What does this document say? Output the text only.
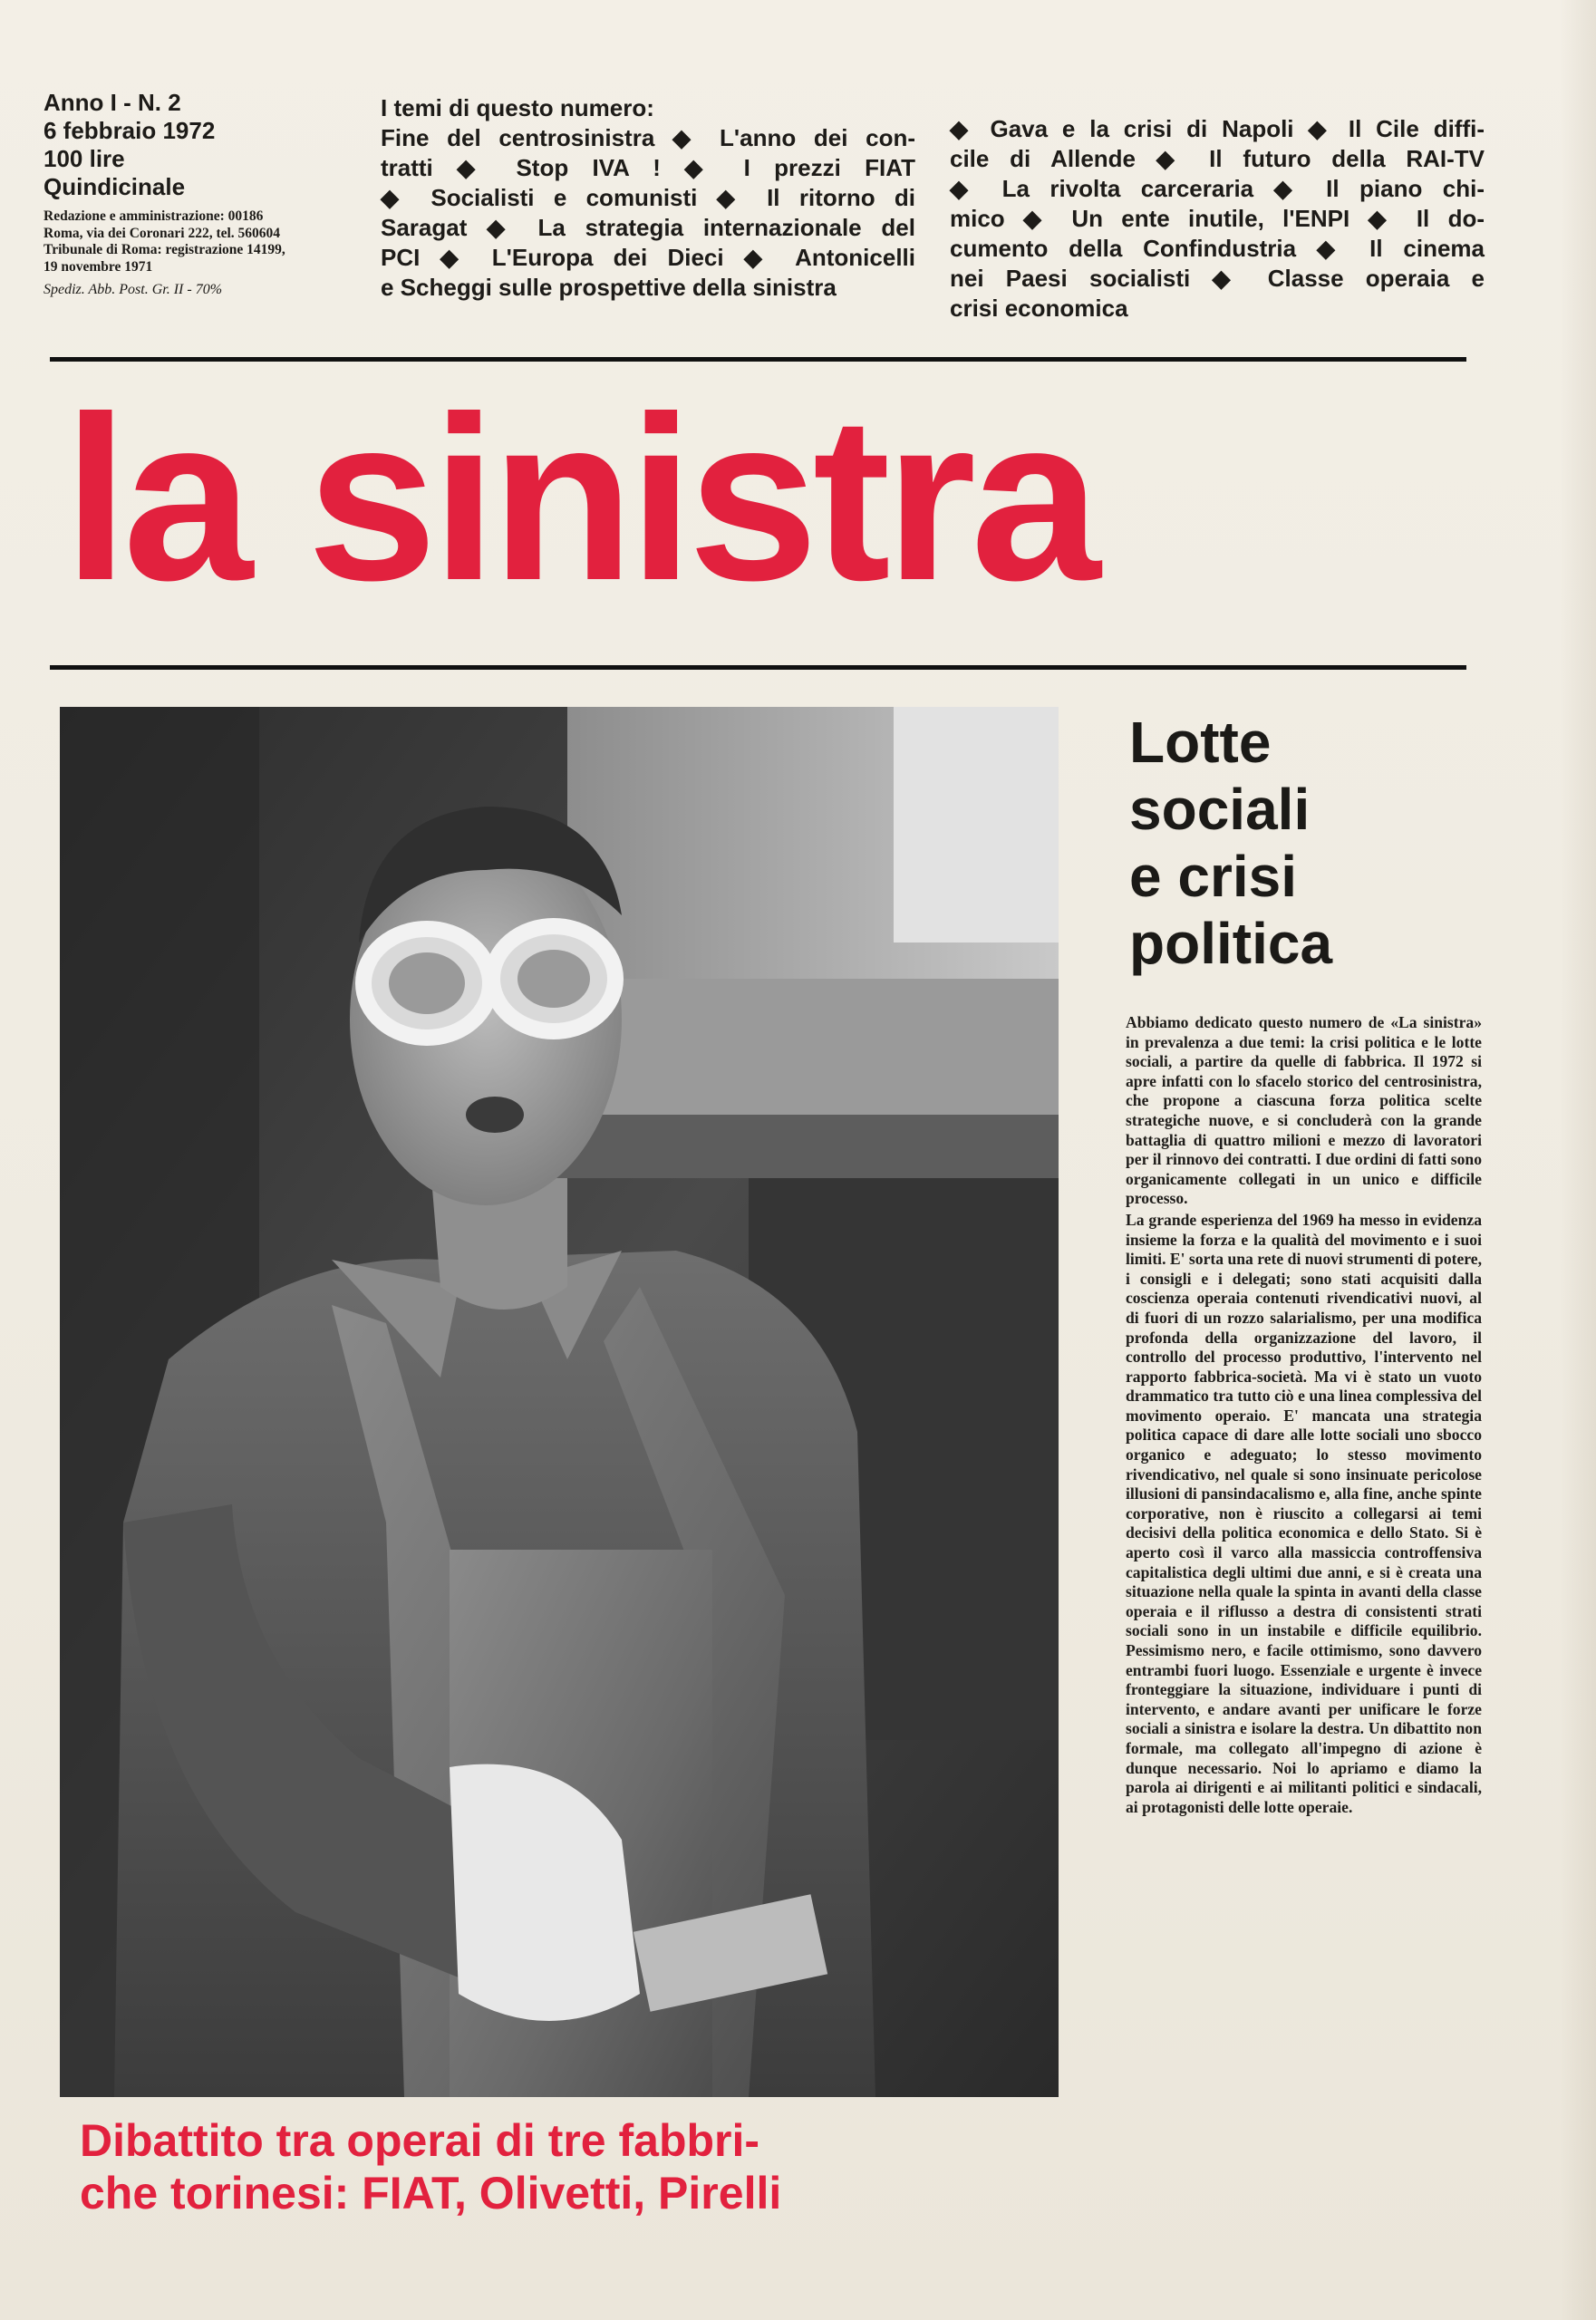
Anno I - N. 2

6 febbraio 1972

100 lire

Quindicinale

Redazione e amministrazione: 00186

Roma, via dei Coronari 222, tel. 560604

Tribunale di Roma: registrazione 14199,

19 novembre 1971

Spediz. Abb. Post. Gr. II - 70%

I temi di questo numero:
Fine del centrosinistra ◆ L'anno dei con-
tratti ◆ Stop IVA ! ◆ I prezzi FIAT
◆ Socialisti e comunisti ◆ Il ritorno di
Saragat ◆ La strategia internazionale del
PCI ◆ L'Europa dei Dieci ◆ Antonicelli
e Scheggi sulle prospettive della sinistra
◆ Gava e la crisi di Napoli ◆ Il Cile diffi-
cile di Allende ◆ Il futuro della RAI-TV
◆ La rivolta carceraria ◆ Il piano chi-
mico ◆ Un ente inutile, l'ENPI ◆ Il do-
cumento della Confindustria ◆ Il cinema
nei Paesi socialisti ◆ Classe operaia e
crisi economica
la sinistra
Lotte
sociali
e crisi
politica

Abbiamo dedicato questo numero de «La sinistra» in prevalenza a due temi: la crisi politica e le lotte sociali, a partire da quelle di fabbrica. Il 1972 si apre infatti con lo sfacelo storico del centrosinistra, che propone a ciascuna forza politica scelte strategiche nuove, e si concluderà con la grande battaglia di quattro milioni e mezzo di lavoratori per il rinnovo dei contratti. I due ordini di fatti sono organicamente collegati in un unico e difficile processo.

La grande esperienza del 1969 ha messo in evidenza insieme la forza e la qualità del movimento e i suoi limiti. E' sorta una rete di nuovi strumenti di potere, i consigli e i delegati; sono stati acquisiti dalla coscienza operaia contenuti rivendicativi nuovi, al di fuori di un rozzo salarialismo, per una modifica profonda della organizzazione del lavoro, il controllo del processo produttivo, l'intervento nel rapporto fabbrica-società. Ma vi è stato un vuoto drammatico tra tutto ciò e una linea complessiva del movimento operaio. E' mancata una strategia politica capace di dare alle lotte sociali uno sbocco organico e adeguato; lo stesso movimento rivendicativo, nel quale si sono insinuate pericolose illusioni di pansindacalismo e, alla fine, anche spinte corporative, non è riuscito a collegarsi ai temi decisivi della politica economica e dello Stato. Si è aperto così il varco alla massiccia controffensiva capitalistica degli ultimi due anni, e si è creata una situazione nella quale la spinta in avanti della classe operaia e il riflusso a destra di consistenti strati sociali sono in un instabile e difficile equilibrio. Pessimismo nero, e facile ottimismo, sono davvero entrambi fuori luogo. Essenziale e urgente è invece fronteggiare la situazione, individuare i punti di intervento, e andare avanti per unificare le forze sociali a sinistra e isolare la destra. Un dibattito non formale, ma collegato all'impegno di azione è dunque necessario. Noi lo apriamo e diamo la parola ai dirigenti e ai militanti politici e sindacali, ai protagonisti delle lotte operaie.

Dibattito tra operai di tre fabbri-
che torinesi: FIAT, Olivetti, Pirelli
